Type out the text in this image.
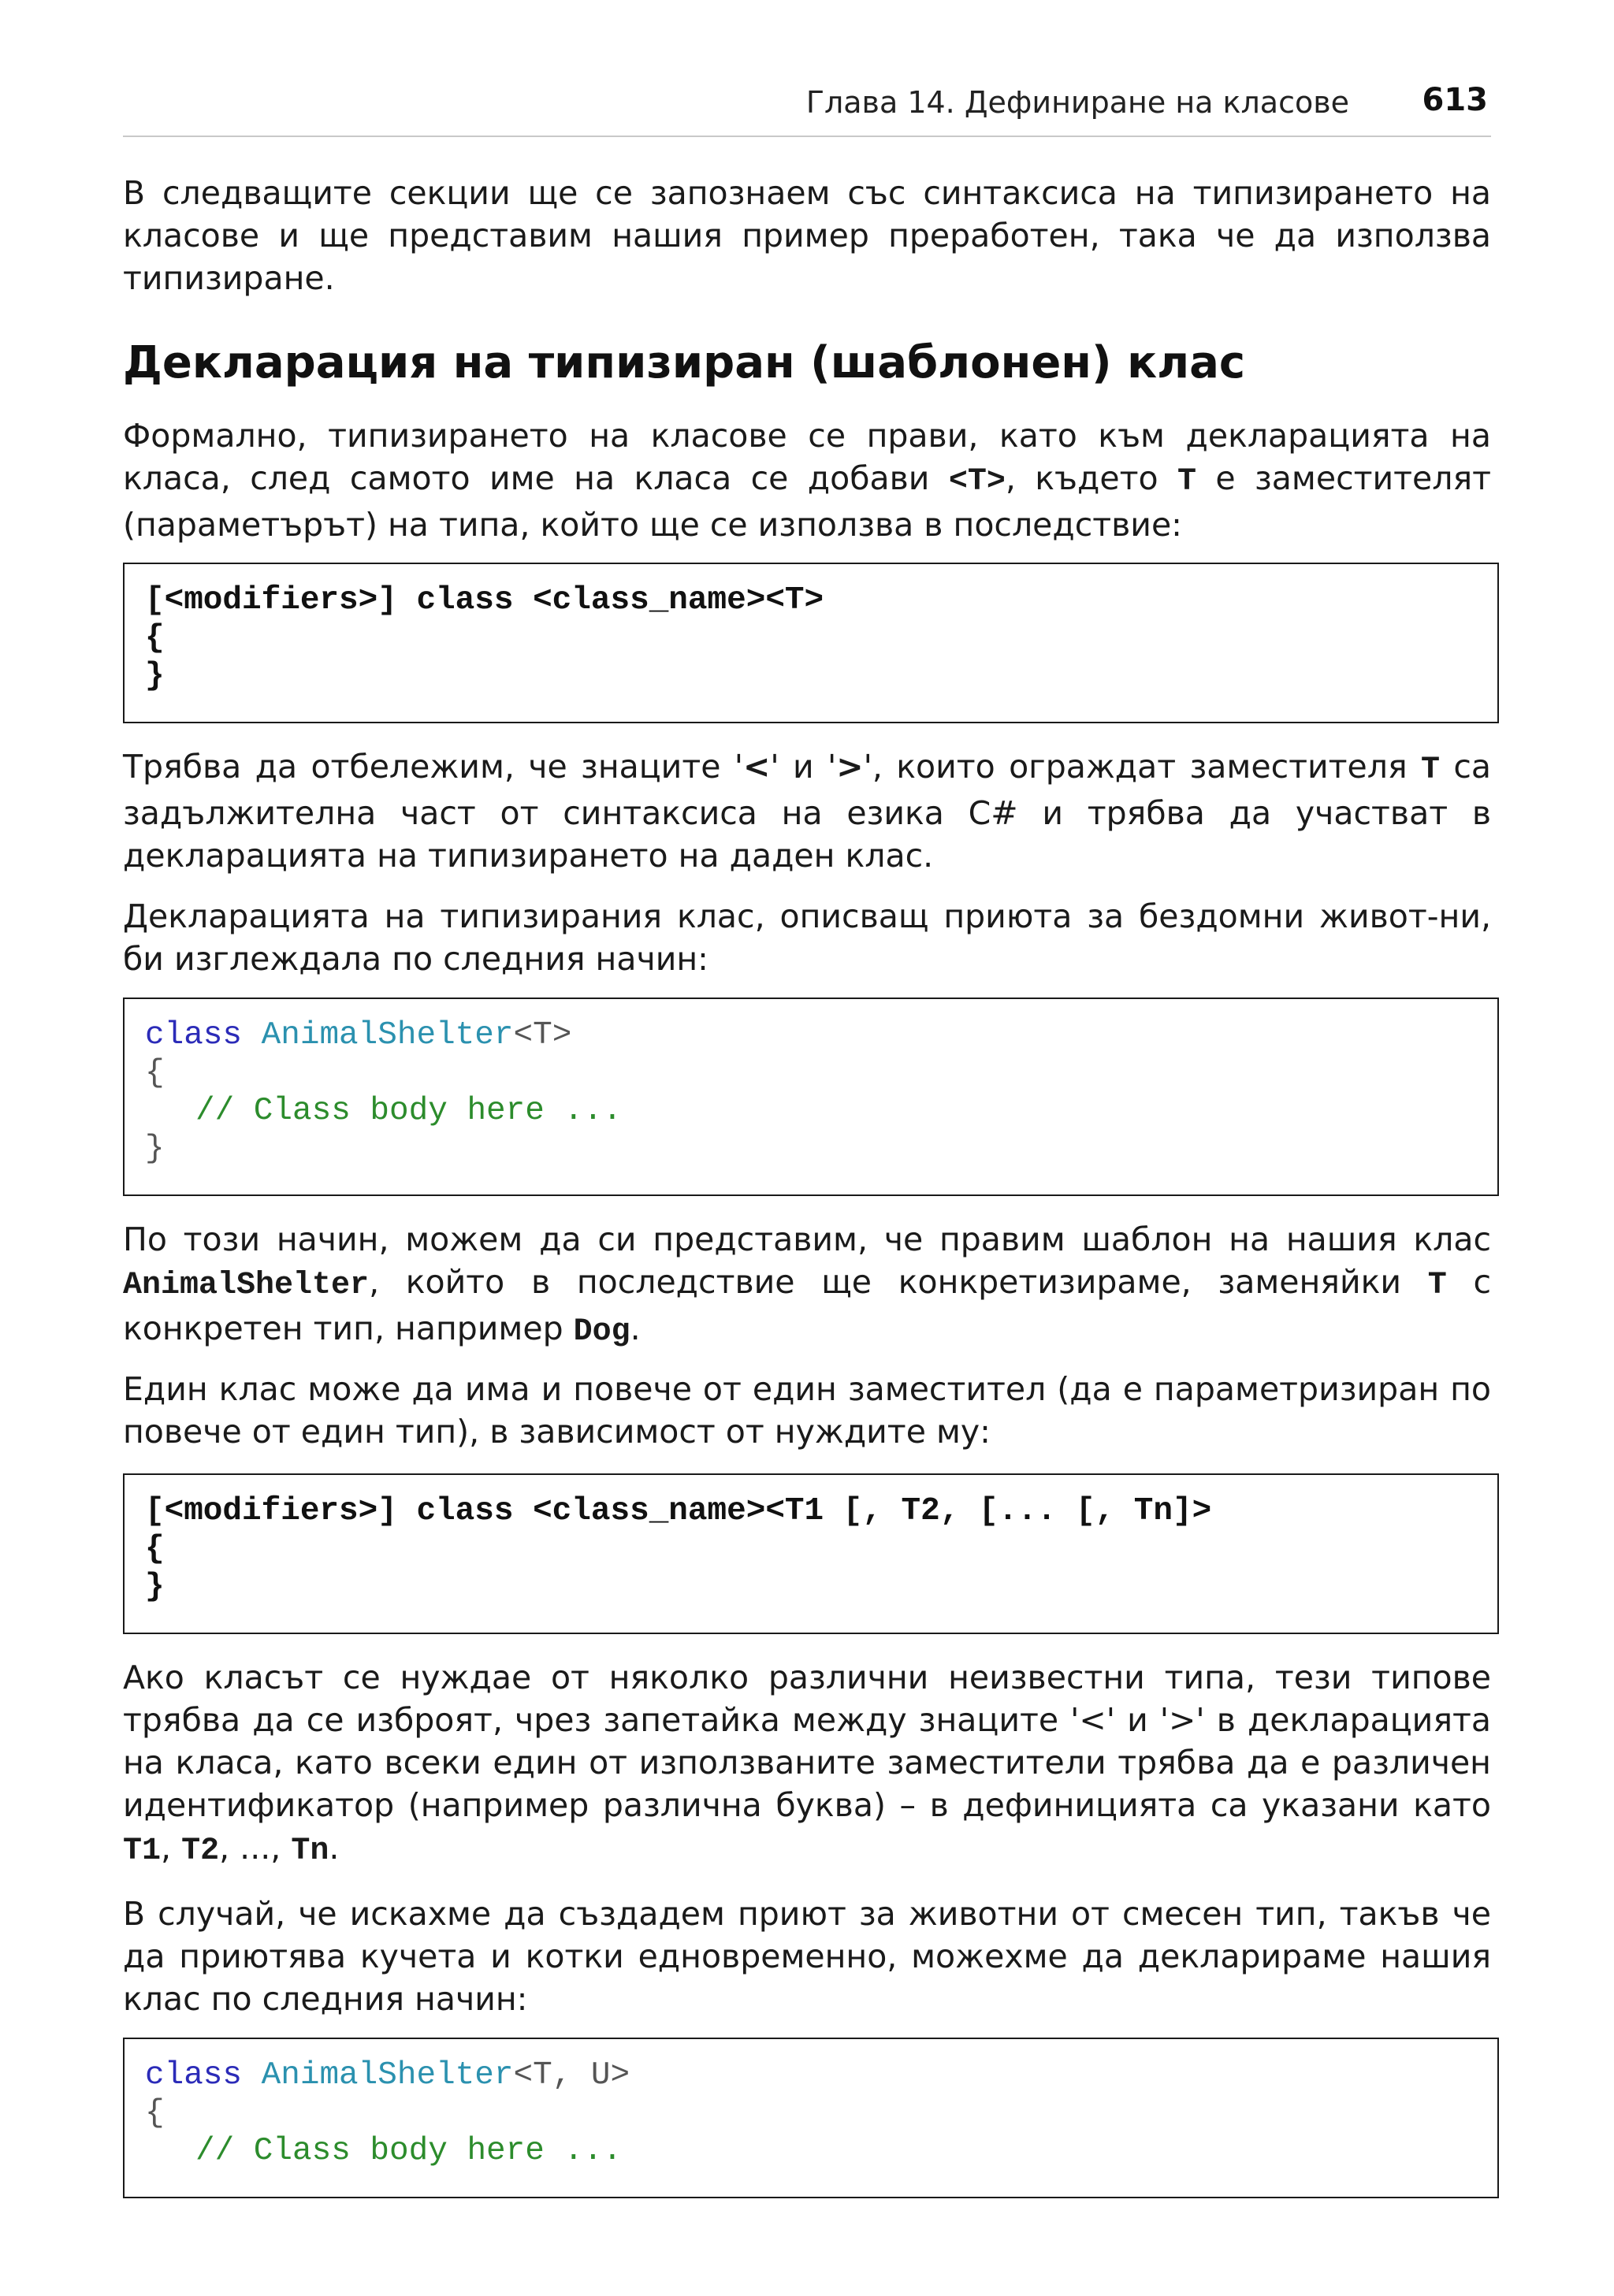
Глава 14. Дефиниране на класове 613

В следващите секции ще се запознаем със синтаксиса на типизирането на класове и ще представим нашия пример преработен, така че да използва типизиране.

Декларация на типизиран (шаблонен) клас

Формално, типизирането на класове се прави, като към декларацията на класа, след самото име на класа се добави <T>, където T е заместителят (параметърът) на типа, който ще се използва в последствие:

[<modifiers>] class <class_name><T>
{
}

Трябва да отбележим, че знаците '<' и '>', които ограждат заместителя T са задължителна част от синтаксиса на езика C# и трябва да участват в декларацията на типизирането на даден клас.

Декларацията на типизирания клас, описващ приюта за бездомни живот-ни, би изглеждала по следния начин:

class AnimalShelter<T>
{
// Class body here ...
}

По този начин, можем да си представим, че правим шаблон на нашия клас AnimalShelter, който в последствие ще конкретизираме, заменяйки T с конкретен тип, например Dog.

Един клас може да има и повече от един заместител (да е параметризиран по повече от един тип), в зависимост от нуждите му:

[<modifiers>] class <class_name><T1 [, T2, [... [, Tn]>
{
}

Ако класът се нуждае от няколко различни неизвестни типа, тези типове трябва да се изброят, чрез запетайка между знаците '<' и '>' в декларацията на класа, като всеки един от използваните заместители трябва да е различен идентификатор (например различна буква) – в дефиницията са указани като T1, T2, ..., Tn.

В случай, че искахме да създадем приют за животни от смесен тип, такъв че да приютява кучета и котки едновременно, можехме да декларираме нашия клас по следния начин:

class AnimalShelter<T, U>
{
// Class body here ...
